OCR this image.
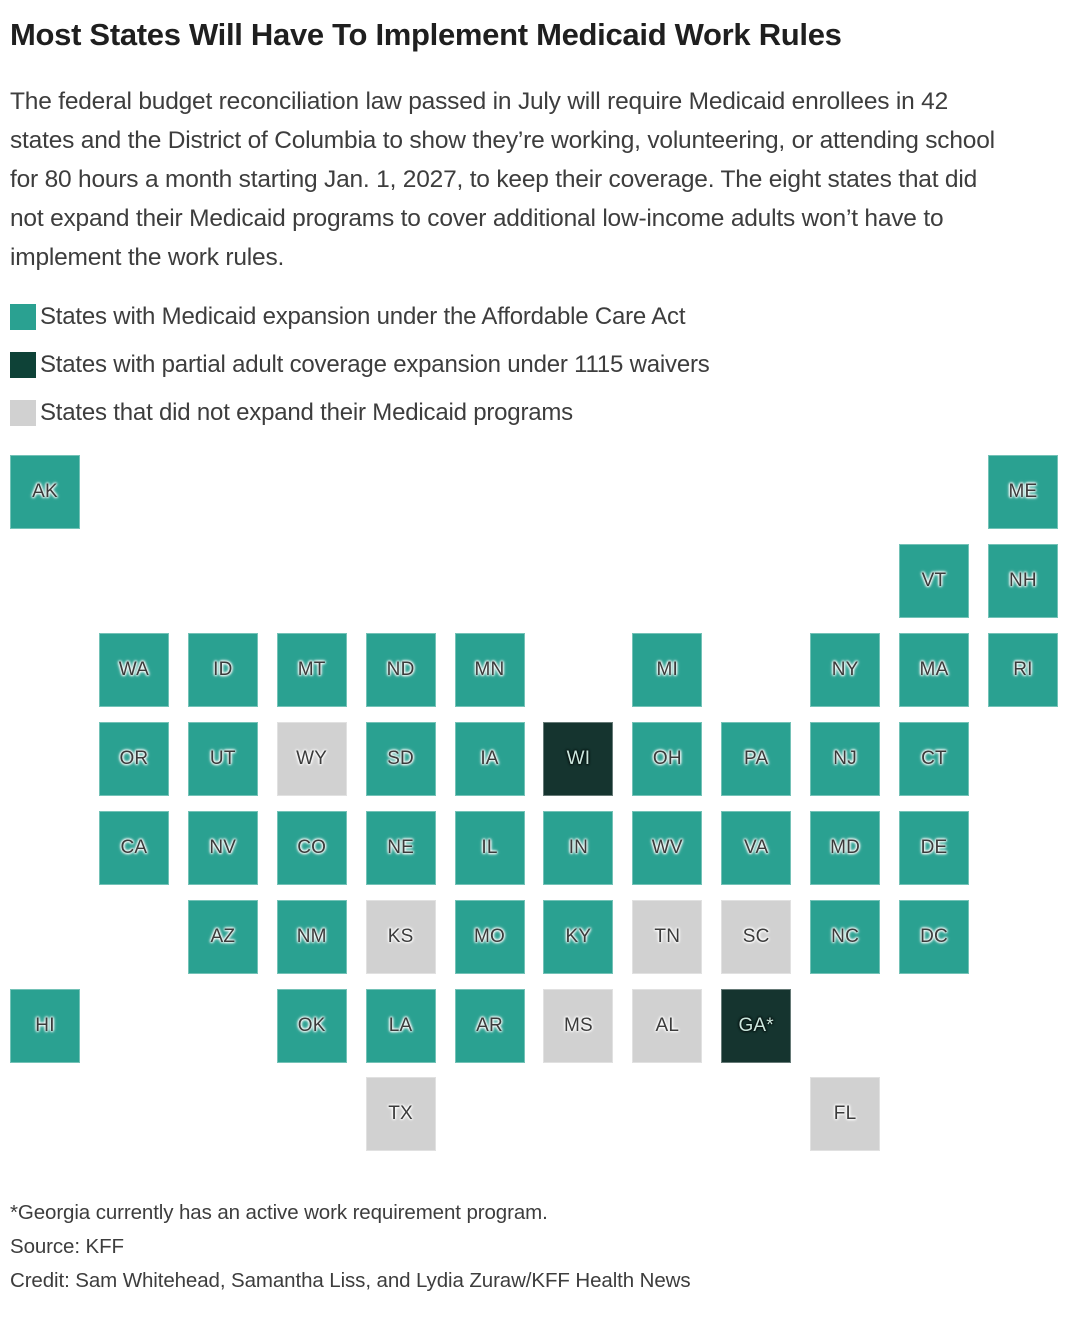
Most States Will Have To Implement Medicaid Work Rules

The federal budget reconciliation law passed in July will require Medicaid enrollees in 42 states and the District of Columbia to show they’re working, volunteering, or attending school for 80 hours a month starting Jan. 1, 2027, to keep their coverage. The eight states that did not expand their Medicaid programs to cover additional low-income adults won’t have to implement the work rules.

States with Medicaid expansion under the Affordable Care Act
States with partial adult coverage expansion under 1115 waivers
States that did not expand their Medicaid programs
AK	ME
VT	NH
WA	ID	MT	ND	MN	MI	NY	MA	RI
OR	UT	WY	SD	IA	WI	OH	PA	NJ	CT
CA	NV	CO	NE	IL	IN	WV	VA	MD	DE
AZ	NM	KS	MO	KY	TN	SC	NC	DC
HI	OK	LA	AR	MS	AL	GA*
TX	FL
*Georgia currently has an active work requirement program.
Source: KFF
Credit: Sam Whitehead, Samantha Liss, and Lydia Zuraw/KFF Health News
